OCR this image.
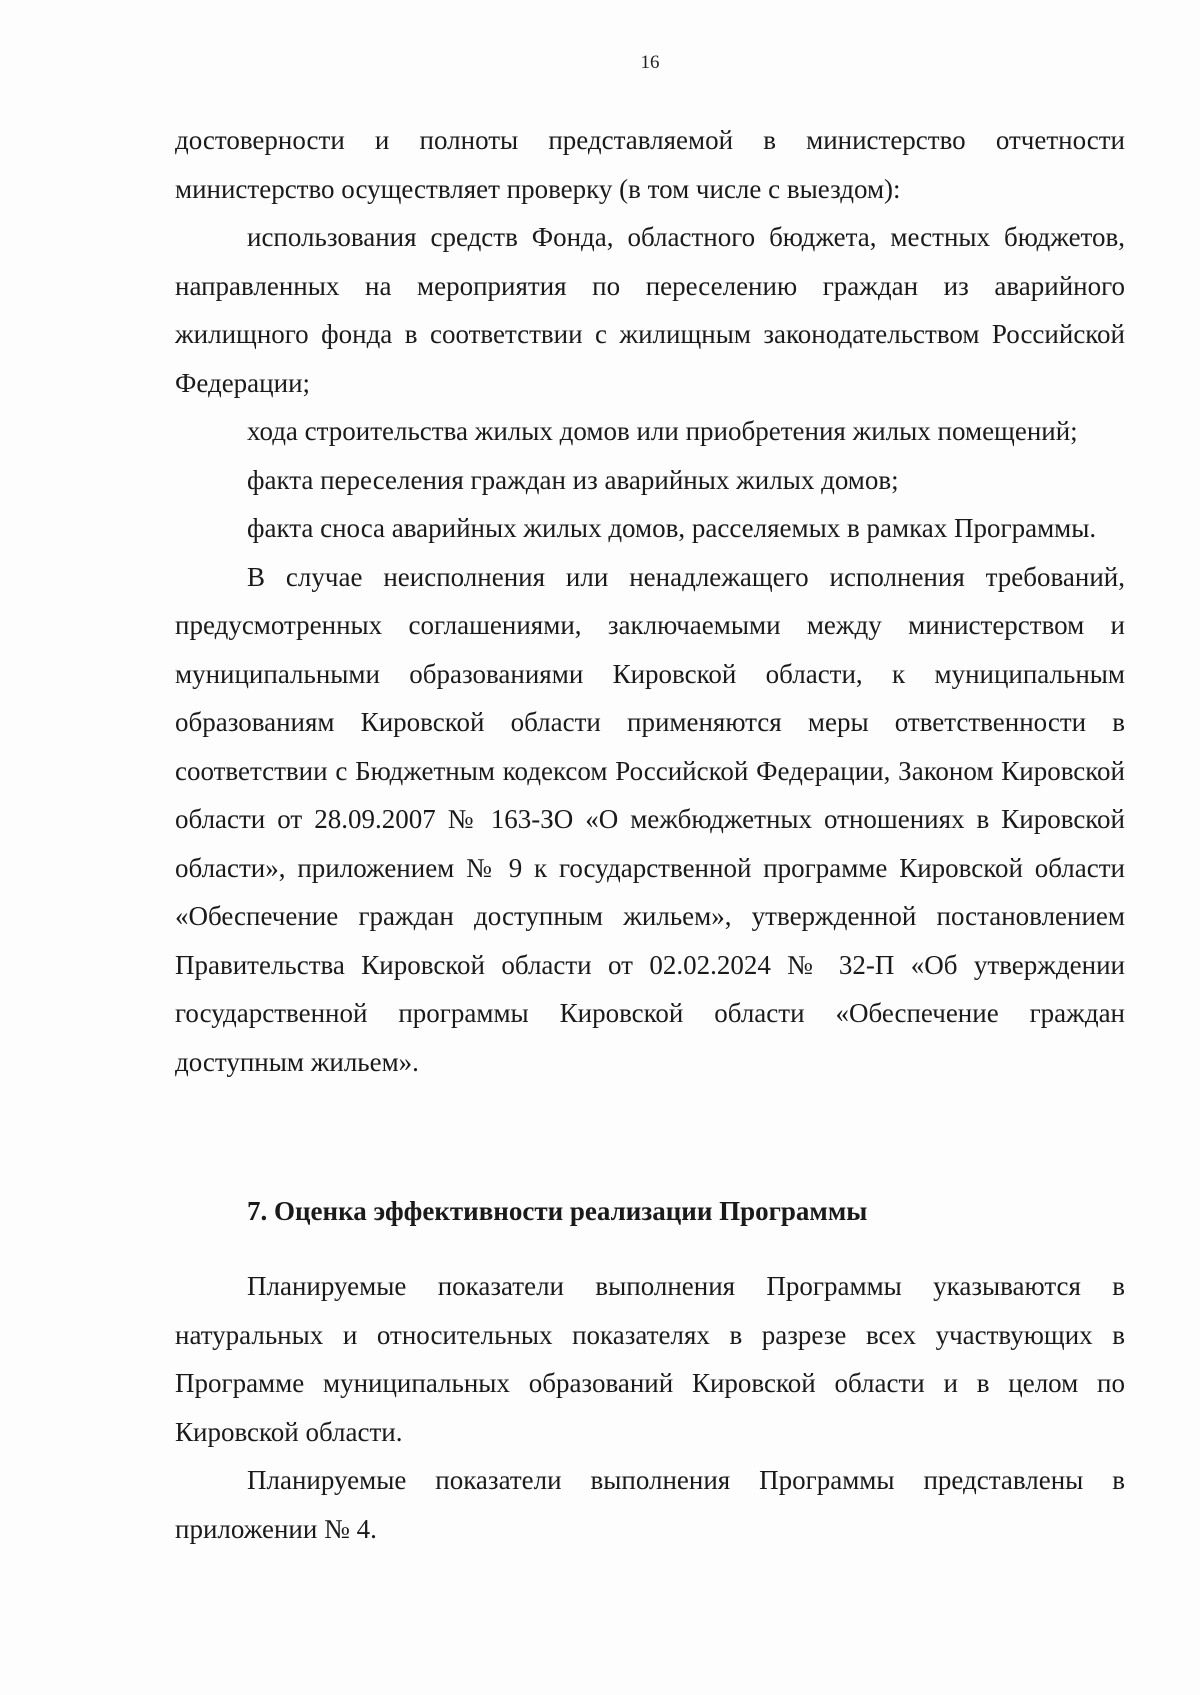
16

достоверности и полноты представляемой в министерство отчетности министерство осуществляет проверку (в том числе с выездом):

использования средств Фонда, областного бюджета, местных бюджетов, направленных на мероприятия по переселению граждан из аварийного жилищного фонда в соответствии с жилищным законодательством Российской Федерации;

хода строительства жилых домов или приобретения жилых помещений;

факта переселения граждан из аварийных жилых домов;

факта сноса аварийных жилых домов, расселяемых в рамках Программы.

В случае неисполнения или ненадлежащего исполнения требований, предусмотренных соглашениями, заключаемыми между министерством и муниципальными образованиями Кировской области, к муниципальным образованиям Кировской области применяются меры ответственности в соответствии с Бюджетным кодексом Российской Федерации, Законом Кировской области от 28.09.2007 № 163-ЗО «О межбюджетных отношениях в Кировской области», приложением № 9 к государственной программе Кировской области «Обеспечение граждан доступным жильем», утвержденной постановлением Правительства Кировской области от 02.02.2024 № 32-П «Об утверждении государственной программы Кировской области «Обеспечение граждан доступным жильем».

7. Оценка эффективности реализации Программы

Планируемые показатели выполнения Программы указываются в натуральных и относительных показателях в разрезе всех участвующих в Программе муниципальных образований Кировской области и в целом по Кировской области.

Планируемые показатели выполнения Программы представлены в приложении № 4.
